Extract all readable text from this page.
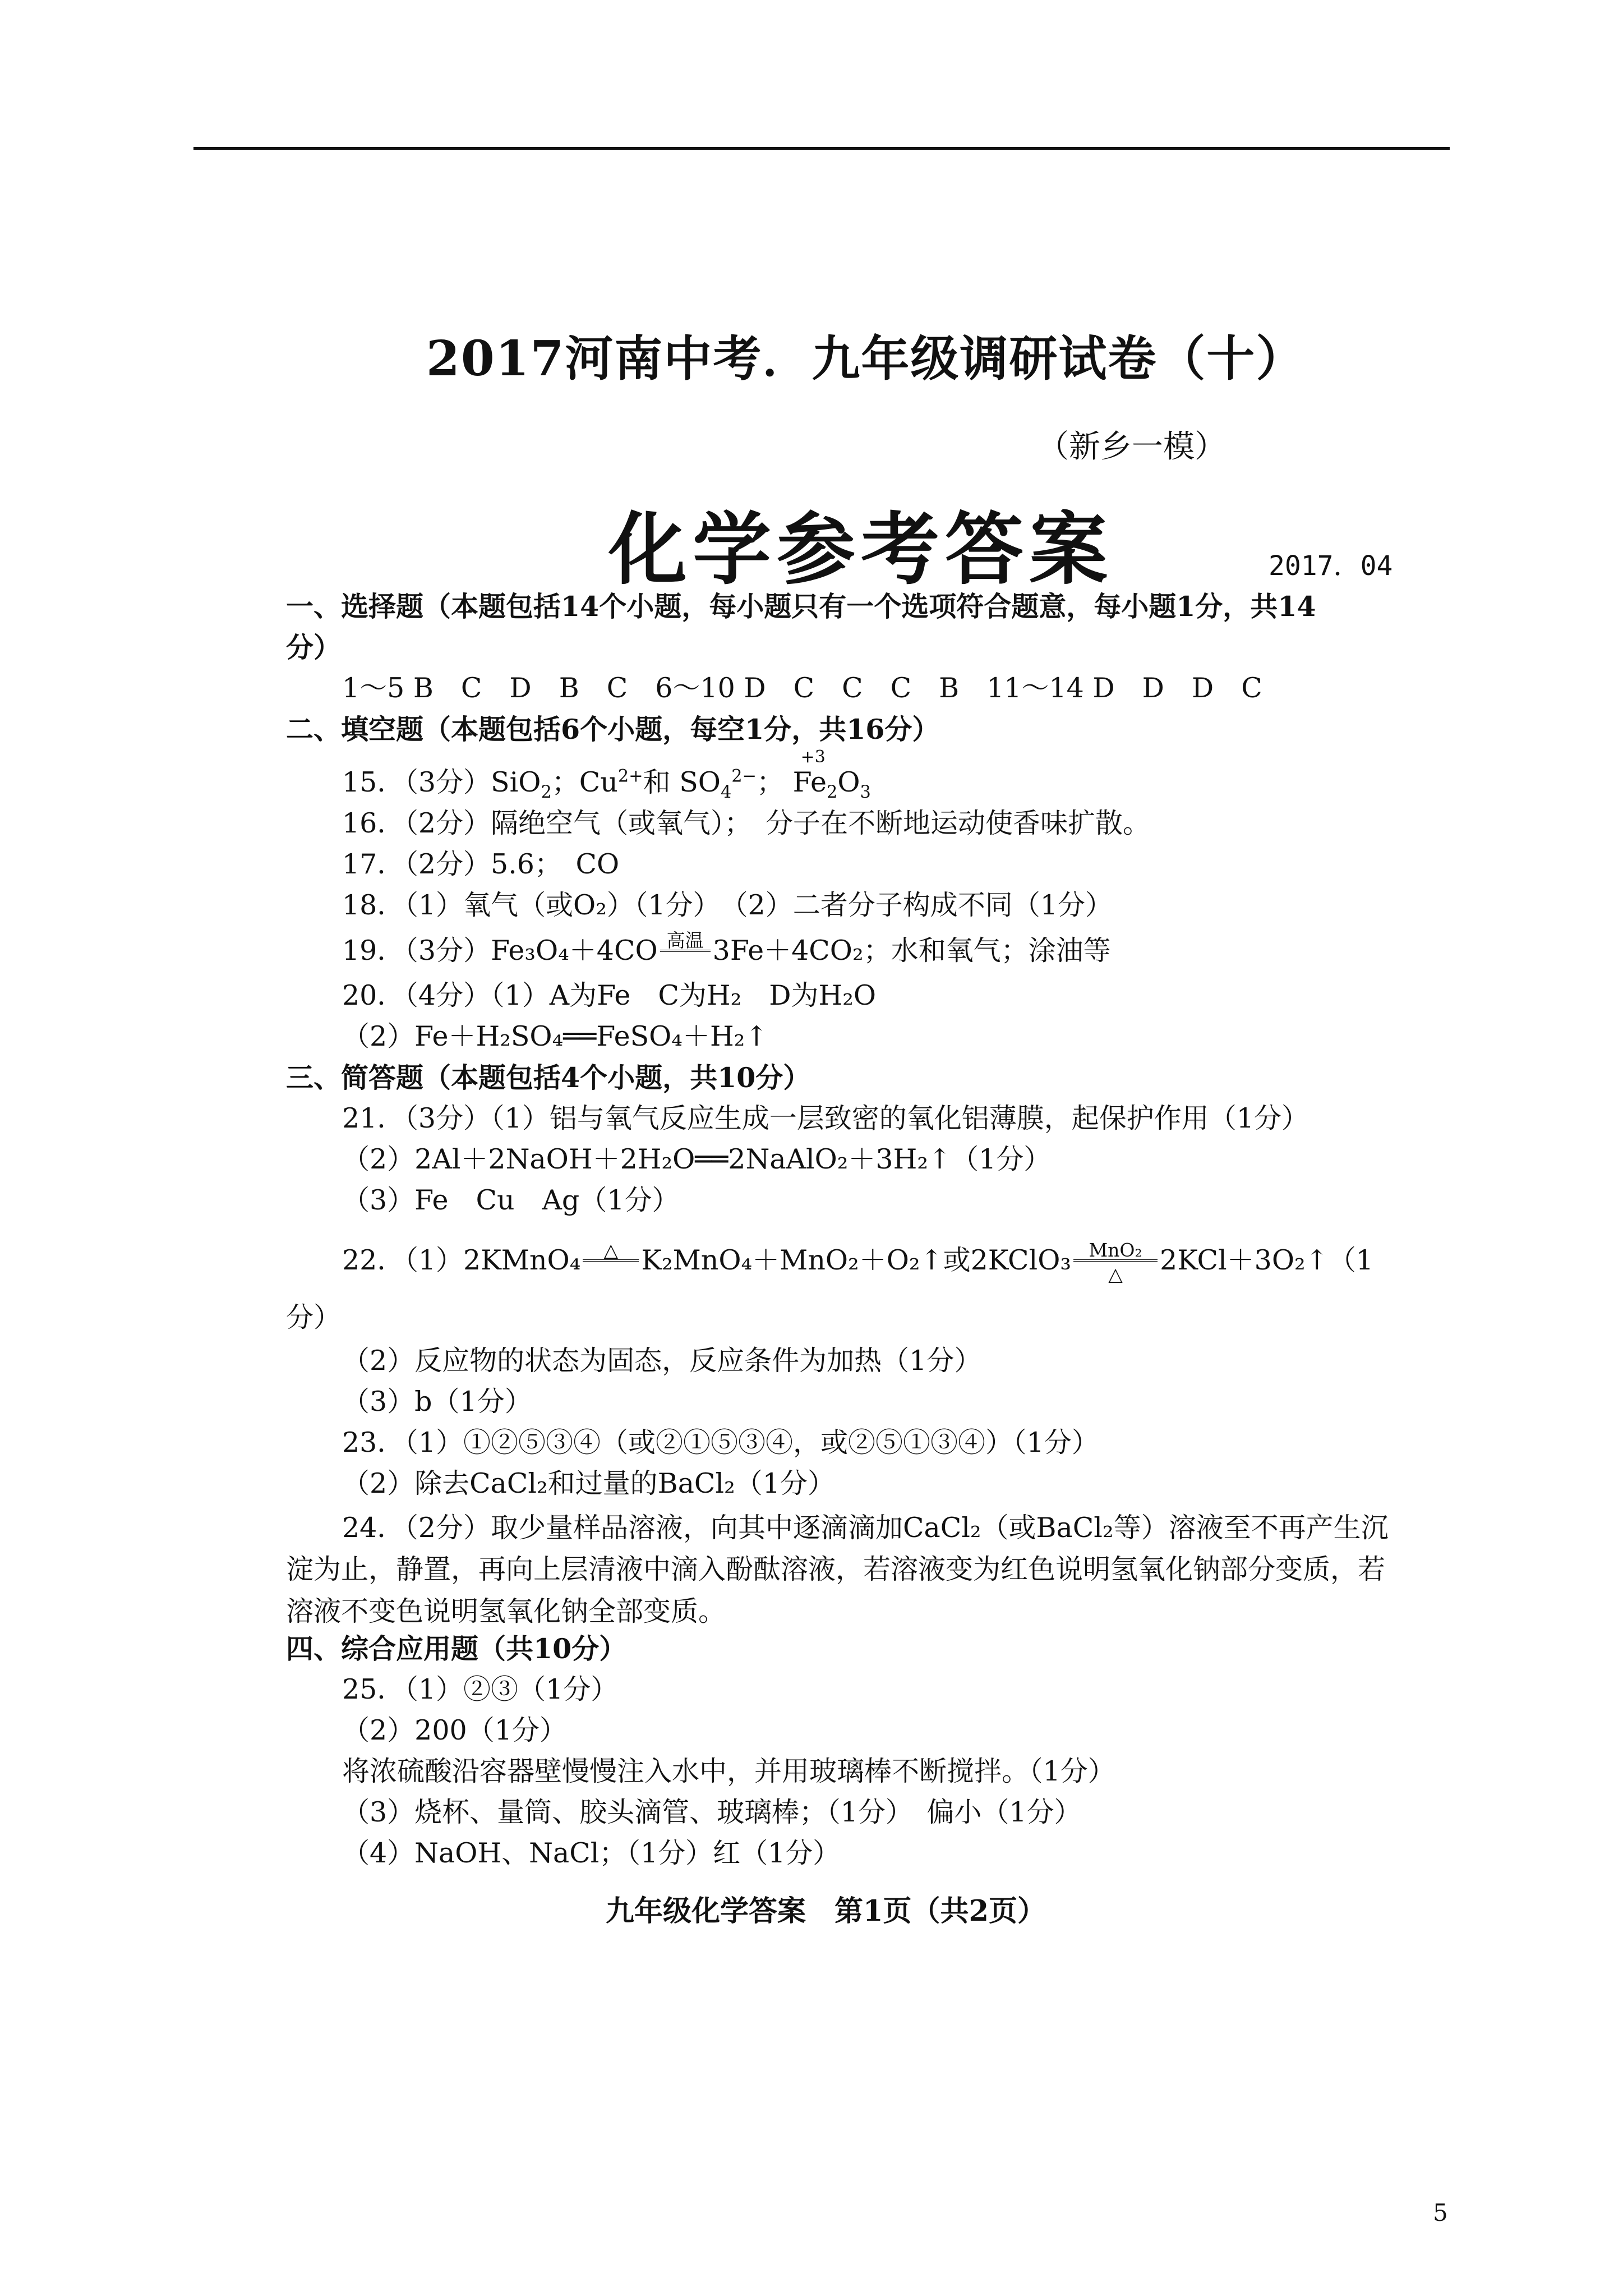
2017河南中考．九年级调研试卷（十）
（新乡一模）
化学参考答案	2017．04
一、选择题（本题包括14个小题，每小题只有一个选项符合题意，每小题1分，共14
分）
1～5 B　C　D　B　C　6～10 D　C　C　C　B　11～14 D　D　D　C
二、填空题（本题包括6个小题，每空1分，共16分）
15．（3分）SiO$_2$；$Cu^{2+}$和 $SO_4^{2-}$；
+3
$Fe_2O_3$
16．（2分）隔绝空气（或氧气）；　分子在不断地运动使香味扩散。
17．（2分）5.6；　CO
18．（1）氧气（或O₂）（1分）　（2）二者分子构成不同（1分）
19．（3分）Fe₃O₄＋4CO 高温 3Fe＋4CO₂；水和氧气；涂油等
20．（4分）（1）A为Fe　C为H₂　D为H₂O
（2）Fe＋H₂SO₄══FeSO₄＋H₂↑
三、简答题（本题包括4个小题，共10分）
21．（3分）（1）铝与氧气反应生成一层致密的氧化铝薄膜，起保护作用（1分）
（2）2Al＋2NaOH＋2H₂O══2NaAlO₂＋3H₂↑（1分）
（3）Fe　Cu　Ag（1分）
22．（1）2KMnO₄	△ K₂MnO₄＋MnO₂＋O₂↑或2KClO₃ MnO₂
△	2KCl＋3O₂↑（1
分）
（2）反应物的状态为固态，反应条件为加热（1分）
（3）b（1分）
23．（1）①②⑤③④（或②①⑤③④，或②⑤①③④）（1分）
（2）除去CaCl₂和过量的BaCl₂（1分）
24．（2分）取少量样品溶液，向其中逐滴滴加CaCl₂（或BaCl₂等）溶液至不再产生沉淀为止，静置，再向上层清液中滴入酚酞溶液，若溶液变为红色说明氢氧化钠部分变质，若溶液不变色说明氢氧化钠全部变质。
四、综合应用题（共10分）
25．（1）②③（1分）
（2）200（1分）
将浓硫酸沿容器壁慢慢注入水中，并用玻璃棒不断搅拌。（1分）
（3）烧杯、量筒、胶头滴管、玻璃棒；（1分）　偏小（1分）
（4）NaOH、NaCl；（1分）红（1分）
九年级化学答案　第1页（共2页）
5
